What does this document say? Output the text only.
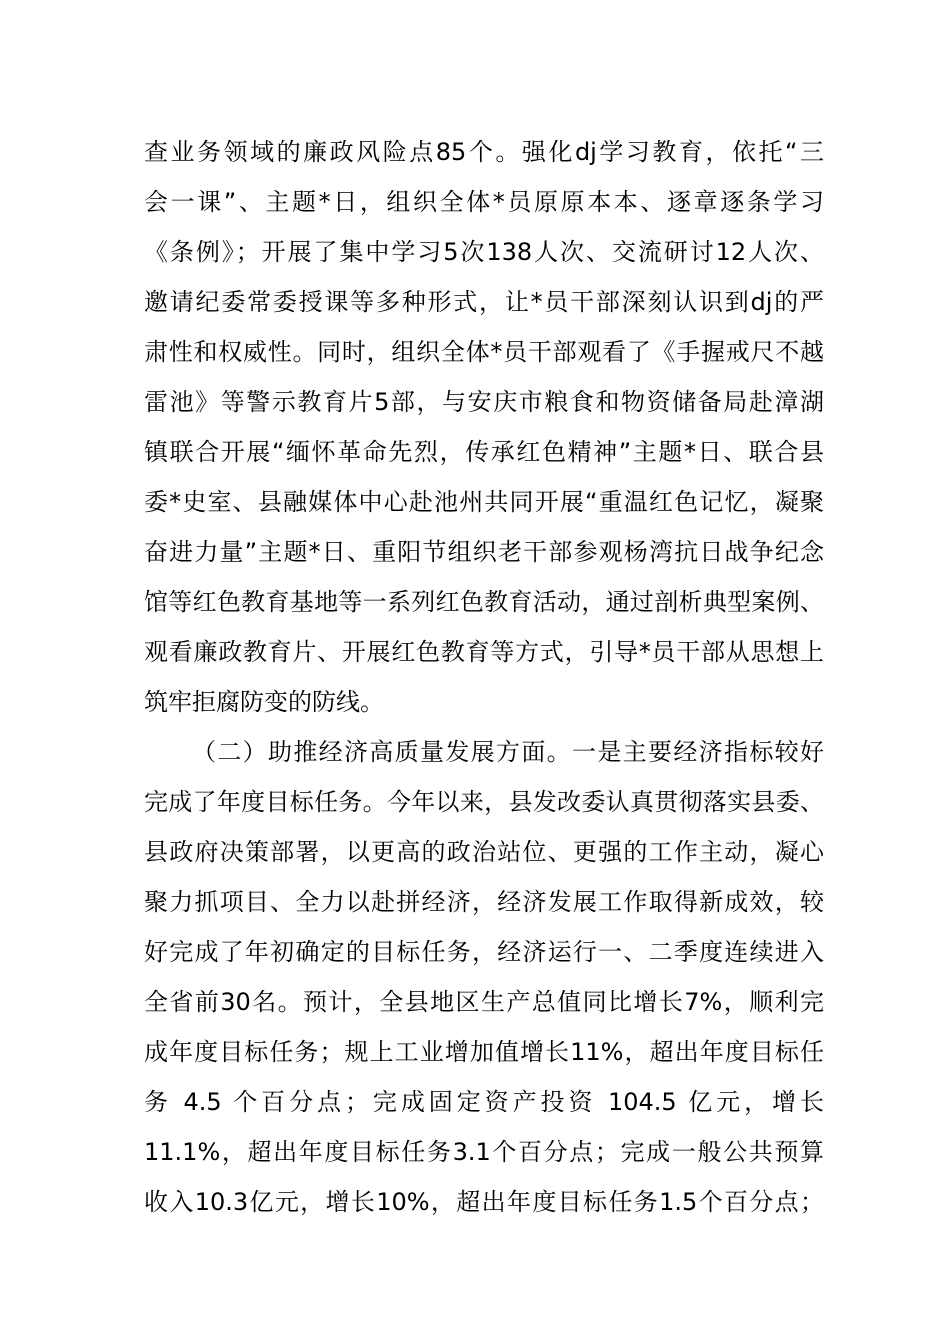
查业务领域的廉政风险点85个。强化dj学习教育，依托“三
会一课”、主题*日，组织全体*员原原本本、逐章逐条学习
《条例》；开展了集中学习5次138人次、交流研讨12人次、
邀请纪委常委授课等多种形式，让*员干部深刻认识到dj的严
肃性和权威性。同时，组织全体*员干部观看了《手握戒尺不越
雷池》等警示教育片5部，与安庆市粮食和物资储备局赴漳湖
镇联合开展“缅怀革命先烈，传承红色精神”主题*日、联合县
委*史室、县融媒体中心赴池州共同开展“重温红色记忆，凝聚
奋进力量”主题*日、重阳节组织老干部参观杨湾抗日战争纪念
馆等红色教育基地等一系列红色教育活动，通过剖析典型案例、
观看廉政教育片、开展红色教育等方式，引导*员干部从思想上
筑牢拒腐防变的防线。
（二）助推经济高质量发展方面。一是主要经济指标较好
完成了年度目标任务。今年以来，县发改委认真贯彻落实县委、
县政府决策部署，以更高的政治站位、更强的工作主动，凝心
聚力抓项目、全力以赴拼经济，经济发展工作取得新成效，较
好完成了年初确定的目标任务，经济运行一、二季度连续进入
全省前30名。预计，全县地区生产总值同比增长7%，顺利完
成年度目标任务；规上工业增加值增长11%，超出年度目标任
务 4.5 个百分点；完成固定资产投资 104.5 亿元，增长
11.1%，超出年度目标任务3.1个百分点；完成一般公共预算
收入10.3亿元，增长10%，超出年度目标任务1.5个百分点；
